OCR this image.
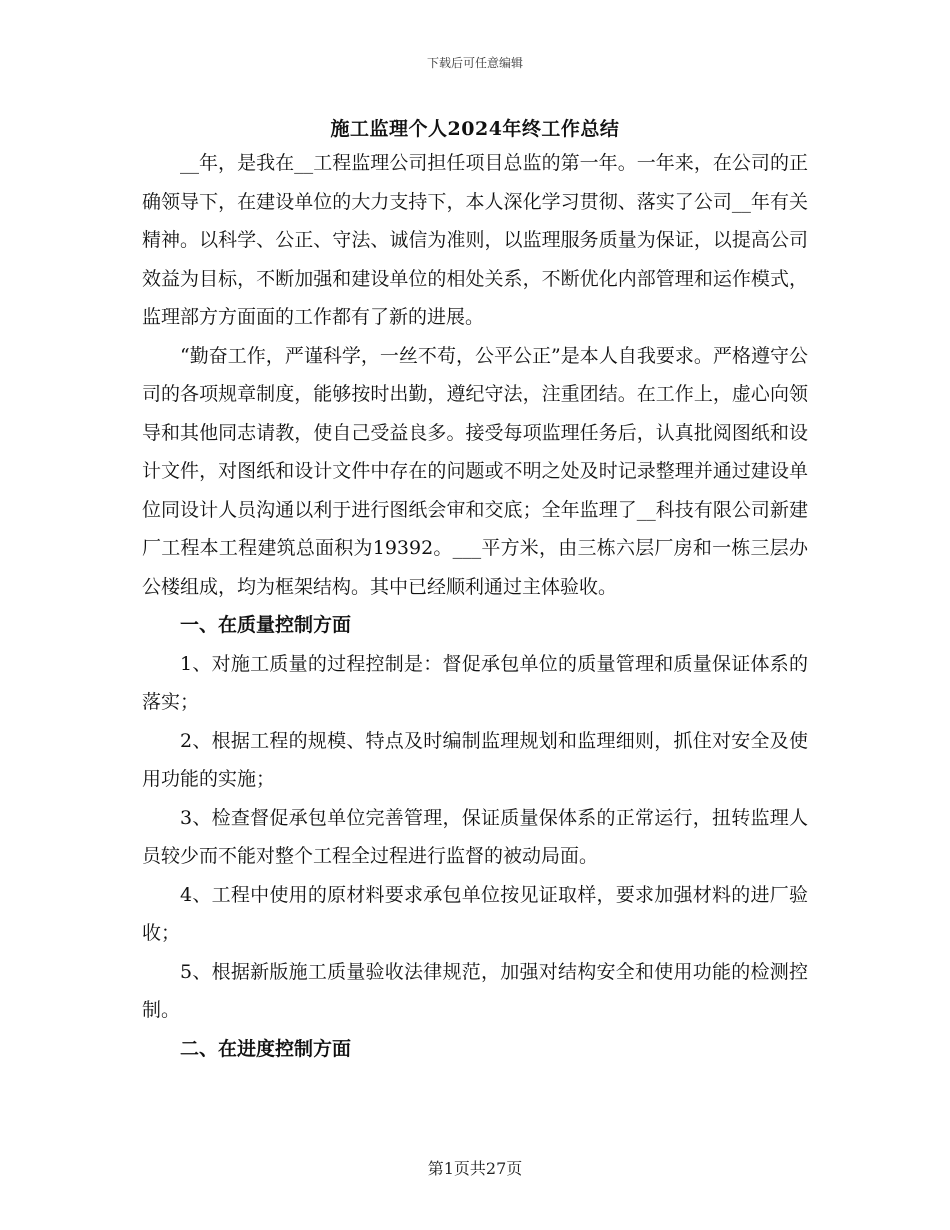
下载后可任意编辑
施工监理个人2024年终工作总结

__年，是我在__工程监理公司担任项目总监的第一年。一年来，在公司的正确领导下，在建设单位的大力支持下，本人深化学习贯彻、落实了公司__年有关精神。以科学、公正、守法、诚信为准则，以监理服务质量为保证，以提高公司效益为目标，不断加强和建设单位的相处关系，不断优化内部管理和运作模式，监理部方方面面的工作都有了新的进展。

“勤奋工作，严谨科学，一丝不苟，公平公正”是本人自我要求。严格遵守公司的各项规章制度，能够按时出勤，遵纪守法，注重团结。在工作上，虚心向领导和其他同志请教，使自己受益良多。接受每项监理任务后，认真批阅图纸和设计文件，对图纸和设计文件中存在的问题或不明之处及时记录整理并通过建设单位同设计人员沟通以利于进行图纸会审和交底；全年监理了__科技有限公司新建厂工程本工程建筑总面积为19392。___平方米，由三栋六层厂房和一栋三层办公楼组成，均为框架结构。其中已经顺利通过主体验收。

一、在质量控制方面

1、对施工质量的过程控制是：督促承包单位的质量管理和质量保证体系的落实；

2、根据工程的规模、特点及时编制监理规划和监理细则，抓住对安全及使用功能的实施；

3、检查督促承包单位完善管理，保证质量保体系的正常运行，扭转监理人员较少而不能对整个工程全过程进行监督的被动局面。

4、工程中使用的原材料要求承包单位按见证取样，要求加强材料的进厂验收；

5、根据新版施工质量验收法律规范，加强对结构安全和使用功能的检测控制。

二、在进度控制方面

第1页共27页
